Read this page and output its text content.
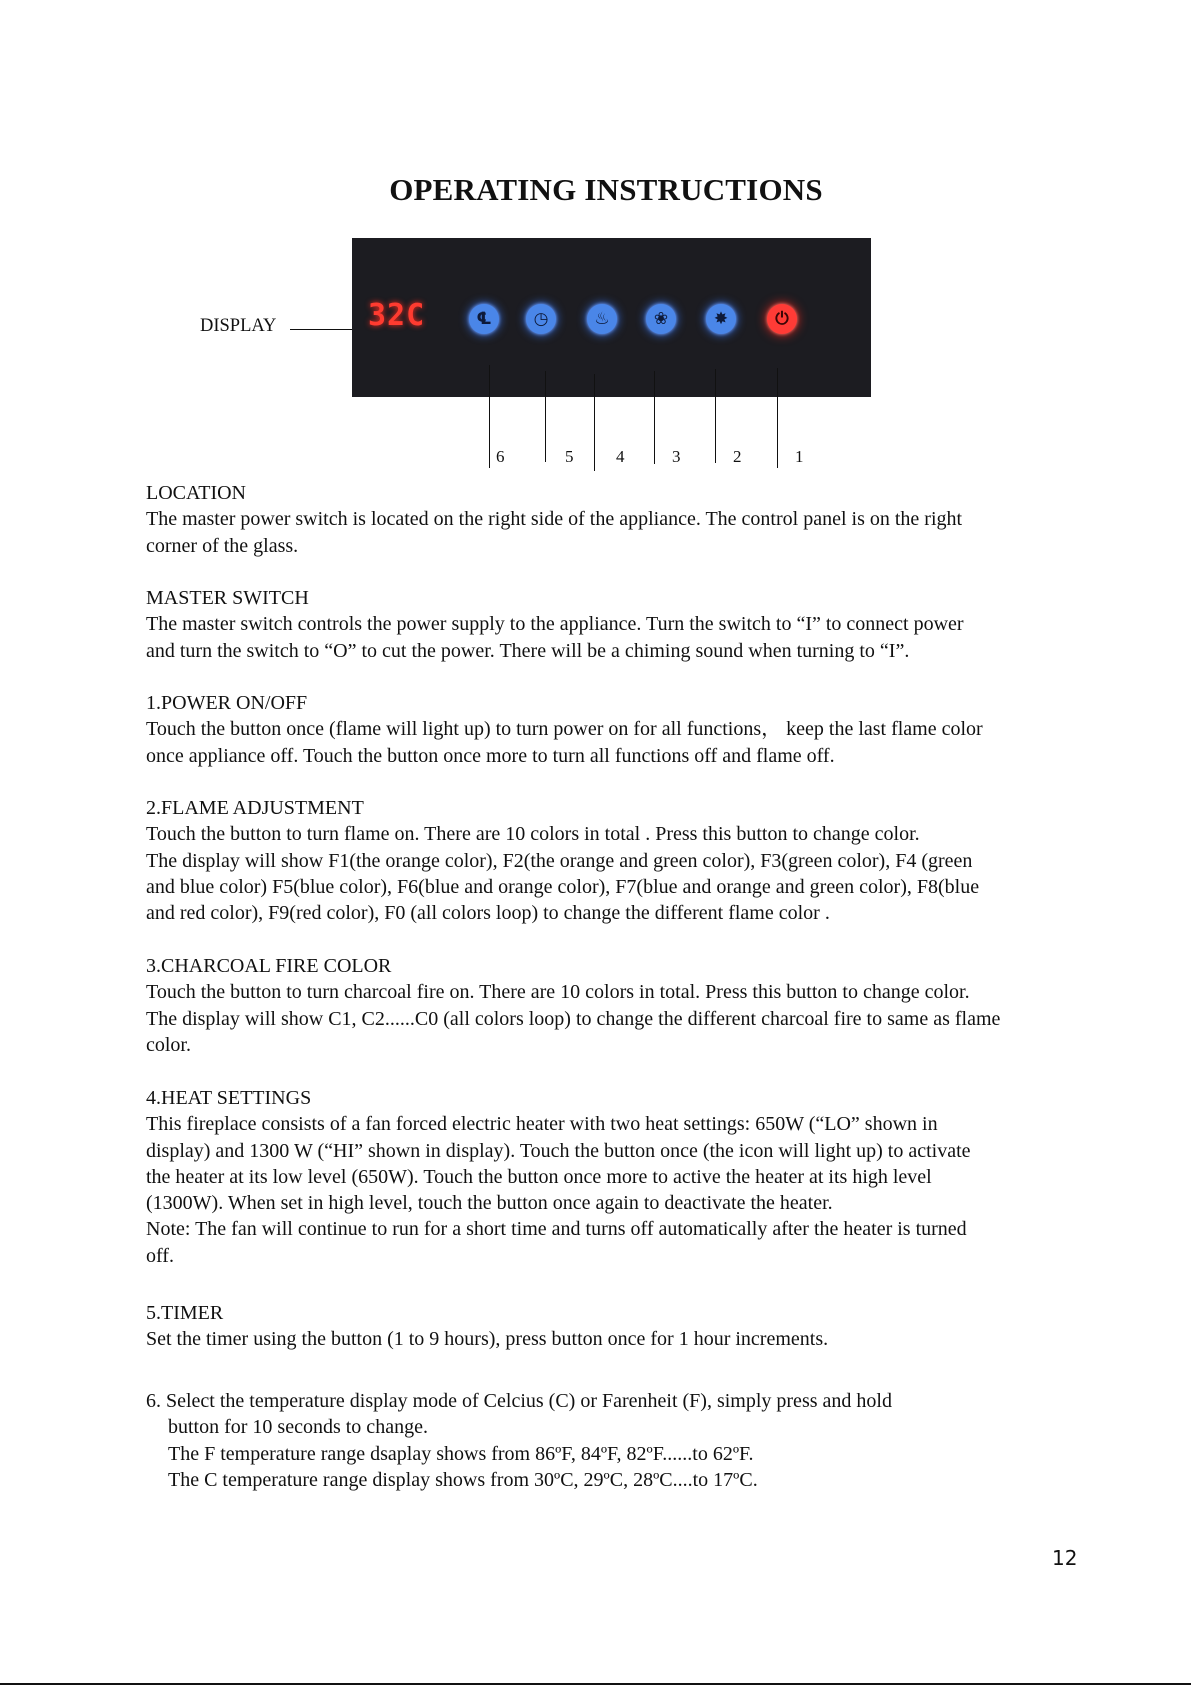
OPERATING INSTRUCTIONS
DISPLAY	32C	℄	◷	♨	❀	✸	⏻
6	5	4	3	2	1

LOCATION

The master power switch is located on the right side of the appliance. The control panel is on the right

corner of the glass.

MASTER SWITCH

The master switch controls the power supply to the appliance. Turn the switch to “I” to connect power

and turn the switch to “O” to cut the power. There will be a chiming sound when turning to “I”.

1.POWER ON/OFF

Touch the button once (flame will light up) to turn power on for all functions， keep the last flame color

once appliance off. Touch the button once more to turn all functions off and flame off.

2.FLAME ADJUSTMENT

Touch the button to turn flame on. There are 10 colors in total . Press this button to change color.

The display will show F1(the orange color), F2(the orange and green color), F3(green color), F4 (green

and blue color) F5(blue color), F6(blue and orange color), F7(blue and orange and green color), F8(blue

and red color), F9(red color), F0 (all colors loop) to change the different flame color .

3.CHARCOAL FIRE COLOR

Touch the button to turn charcoal fire on. There are 10 colors in total. Press this button to change color.

The display will show C1, C2......C0 (all colors loop) to change the different charcoal fire to same as flame

color.

4.HEAT SETTINGS

This fireplace consists of a fan forced electric heater with two heat settings: 650W (“LO” shown in

display) and 1300 W (“HI” shown in display). Touch the button once (the icon will light up) to activate

the heater at its low level (650W). Touch the button once more to active the heater at its high level

(1300W). When set in high level, touch the button once again to deactivate the heater.

Note: The fan will continue to run for a short time and turns off automatically after the heater is turned

off.

5.TIMER

Set the timer using the button (1 to 9 hours), press button once for 1 hour increments.

6. Select the temperature display mode of Celcius (C) or Farenheit (F), simply press and hold

button for 10 seconds to change.

The F temperature range dsaplay shows from 86ºF, 84ºF, 82ºF......to 62ºF.

The C temperature range display shows from 30ºC, 29ºC, 28ºC....to 17ºC.

12
